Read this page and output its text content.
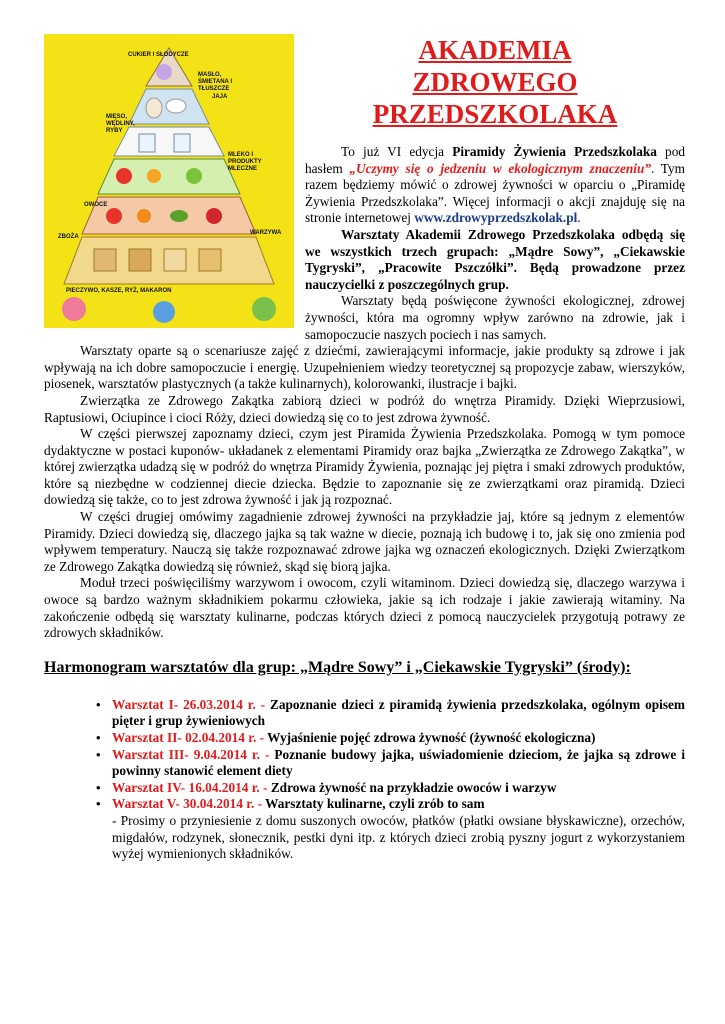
CUKIER I SŁODYCZE
MIĘSO, WĘDLINY, RYBY
JAJA
MASŁO, ŚMIETANA I TŁUSZCZE
MLEKO I PRODUKTY MLECZNE
OWOCE
WARZYWA
ZBOŻA
PIECZYWO, KASZE, RYŻ, MAKARON
AKADEMIA
ZDROWEGO
PRZEDSZKOLAKA

To już VI edycja Piramidy Żywienia Przedszkolaka pod hasłem „Uczymy się o jedzeniu w ekologicznym znaczeniu”. Tym razem będziemy mówić o zdrowej żywności w oparciu o „Piramidę Żywienia Przedszkolaka”. Więcej informacji o akcji znajduję się na stronie internetowej www.zdrowyprzedszkolak.pl.

Warsztaty Akademii Zdrowego Przedszkolaka odbędą się we wszystkich trzech grupach: „Mądre Sowy”, „Ciekawskie Tygryski”, „Pracowite Pszczółki”. Będą prowadzone przez nauczycielki z poszczególnych grup.

Warsztaty będą poświęcone żywności ekologicznej, zdrowej żywności, która ma ogromny wpływ zarówno na zdrowie, jak i samopoczucie naszych pociech i nas samych.

Warsztaty oparte są o scenariusze zajęć z dziećmi, zawierającymi informacje, jakie produkty są zdrowe i jak wpływają na ich dobre samopoczucie i energię. Uzupełnieniem wiedzy teoretycznej są propozycje zabaw, wierszyków, piosenek, warsztatów plastycznych (a także kulinarnych), kolorowanki, ilustracje i bajki.

Zwierzątka ze Zdrowego Zakątka zabiorą dzieci w podróż do wnętrza Piramidy. Dzięki Wieprzusiowi, Raptusiowi, Ociupince i cioci Róży, dzieci dowiedzą się co to jest zdrowa żywność.

W części pierwszej zapoznamy dzieci, czym jest Piramida Żywienia Przedszkolaka. Pomogą w tym pomoce dydaktyczne w postaci kuponów- układanek z elementami Piramidy oraz bajka „Zwierzątka ze Zdrowego Zakątka”, w której zwierzątka udadzą się w podróż do wnętrza Piramidy Żywienia, poznając jej piętra i smaki zdrowych produktów, które są niezbędne w codziennej diecie dziecka. Będzie to zapoznanie się ze zwierzątkami oraz piramidą. Dzieci dowiedzą się także, co to jest zdrowa żywność i jak ją rozpoznać.

W części drugiej omówimy zagadnienie zdrowej żywności na przykładzie jaj, które są jednym z elementów Piramidy. Dzieci dowiedzą się, dlaczego jajka są tak ważne w diecie, poznają ich budowę i to, jak się ono zmienia pod wpływem temperatury. Nauczą się także rozpoznawać zdrowe jajka wg oznaczeń ekologicznych. Dzięki Zwierzątkom ze Zdrowego Zakątka dowiedzą się również, skąd się biorą jajka.

Moduł trzeci poświęciliśmy warzywom i owocom, czyli witaminom. Dzieci dowiedzą się, dlaczego warzywa i owoce są bardzo ważnym składnikiem pokarmu człowieka, jakie są ich rodzaje i jakie zawierają witaminy. Na zakończenie odbędą się warsztaty kulinarne, podczas których dzieci z pomocą nauczycielek przygotują potrawy ze zdrowych składników.

Harmonogram warsztatów dla grup: „Mądre Sowy” i „Ciekawskie Tygryski” (środy):
• Warsztat I- 26.03.2014 r. - Zapoznanie dzieci z piramidą żywienia przedszkolaka, ogólnym opisem pięter i grup żywieniowych
• Warsztat II- 02.04.2014 r. - Wyjaśnienie pojęć zdrowa żywność (żywność ekologiczna)
• Warsztat III- 9.04.2014 r. - Poznanie budowy jajka, uświadomienie dzieciom, że jajka są zdrowe i powinny stanowić element diety
• Warsztat IV- 16.04.2014 r. - Zdrowa żywność na przykładzie owoców i warzyw
• Warsztat V- 30.04.2014 r. - Warsztaty kulinarne, czyli zrób to sam
- Prosimy o przyniesienie z domu suszonych owoców, płatków (płatki owsiane błyskawiczne), orzechów, migdałów, rodzynek, słonecznik, pestki dyni itp. z których dzieci zrobią pyszny jogurt z wykorzystaniem wyżej wymienionych składników.
